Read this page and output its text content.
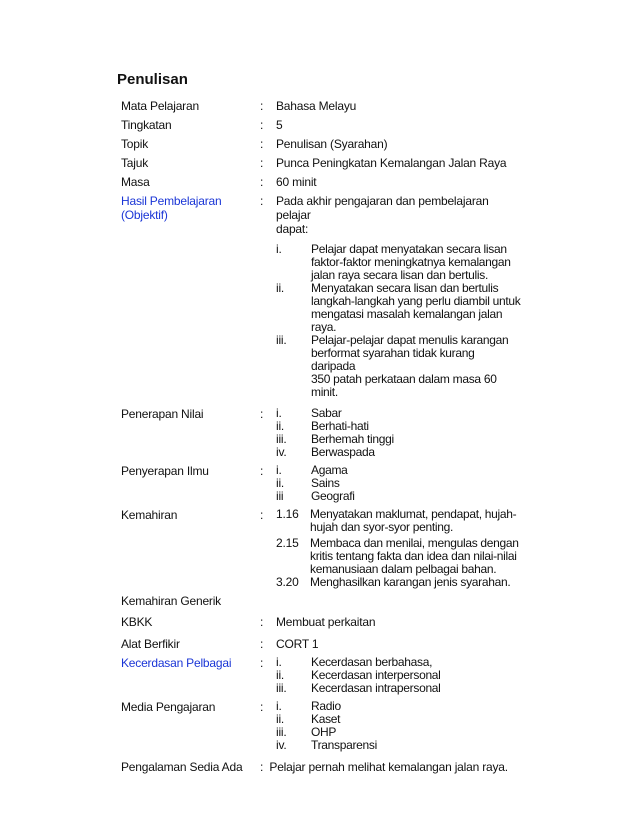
Penulisan
Mata Pelajaran	:	Bahasa Melayu
Tingkatan	:	5
Topik	:	Penulisan (Syarahan)
Tajuk	:	Punca Peningkatan Kemalangan Jalan Raya
Masa	:	60 minit
Hasil Pembelajaran
(Objektif)
:	Pada akhir pengajaran dan pembelajaran pelajar
dapat:
i.	Pelajar dapat menyatakan secara lisan
faktor-faktor meningkatnya kemalangan
jalan raya secara lisan dan bertulis.
ii.	Menyatakan secara lisan dan bertulis
langkah-langkah yang perlu diambil untuk
mengatasi masalah kemalangan jalan
raya.
iii.	Pelajar-pelajar dapat menulis karangan
berformat syarahan tidak kurang daripada
350 patah perkataan dalam masa 60 minit.
Penerapan Nilai	:	i.	Sabar
ii.	Berhati-hati
iii.	Berhemah tinggi
iv.	Berwaspada
Penyerapan Ilmu	:	i.	Agama
ii.	Sains
iii	Geografi
Kemahiran	:	1.16 Menyatakan maklumat, pendapat, hujah-
hujah dan syor-syor penting.
2.15 Membaca dan menilai, mengulas dengan
kritis tentang fakta dan idea dan nilai-nilai
kemanusiaan dalam pelbagai bahan.
3.20 Menghasilkan karangan jenis syarahan.
Kemahiran Generik
KBKK	:	Membuat perkaitan
Alat Berfikir	:	CORT 1
Kecerdasan Pelbagai	:	i.	Kecerdasan berbahasa,
ii.	Kecerdasan interpersonal
iii.	Kecerdasan intrapersonal
Media Pengajaran	:	i.	Radio
ii.	Kaset
iii.	OHP
iv.	Transparensi
Pengalaman Sedia Ada	:  Pelajar pernah melihat kemalangan jalan raya.
